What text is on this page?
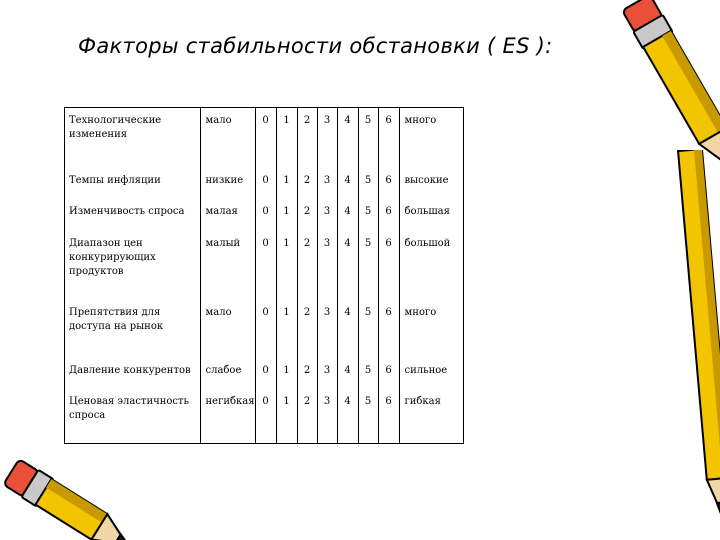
Факторы стабильности обстановки ( ES ):
Технологические изменения	мало	0	1	2	3	4	5	6	много
Темпы инфляции	низкие	0	1	2	3	4	5	6	высокие
Изменчивость спроса	малая	0	1	2	3	4	5	6	большая
Диапазон цен конкурирующих продуктов	малый	0	1	2	3	4	5	6	большой
Препятствия для доступа на рынок	мало	0	1	2	3	4	5	6	много
Давление конкурентов	слабое	0	1	2	3	4	5	6	сильное
Ценовая эластичность спроса	негибкая	0	1	2	3	4	5	6	гибкая
